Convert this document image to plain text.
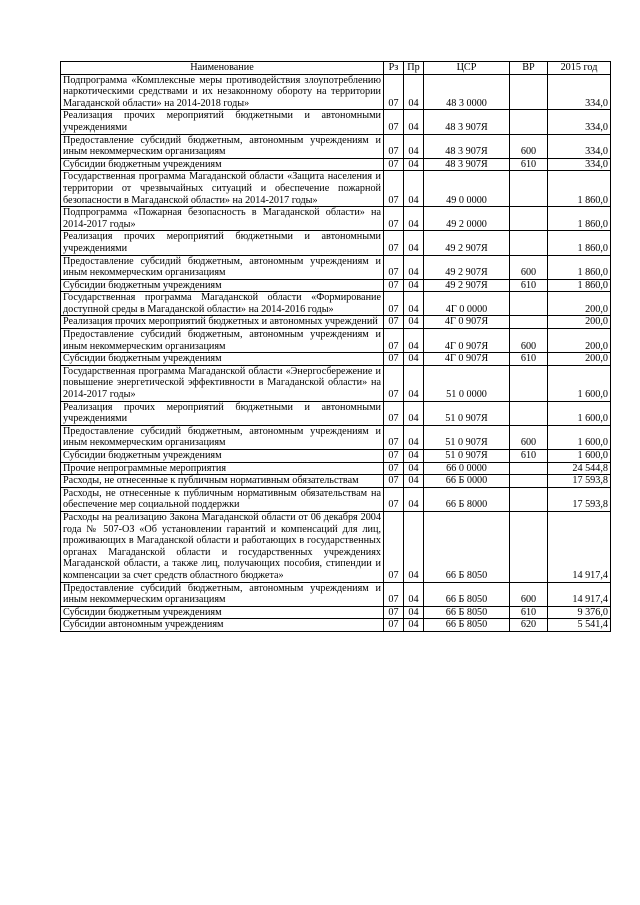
Наименование	Рз	Пр	ЦСР	ВР	2015 год
Подпрограмма «Комплексные меры противодействия злоупотреблению наркотическими средствами и их незаконному обороту на территории Магаданской области» на 2014-2018 годы»	07	04	48 3 0000		334,0
Реализация прочих мероприятий бюджетными и автономными учреждениями	07	04	48 3 907Я		334,0
Предоставление субсидий бюджетным, автономным учреждениям и иным некоммерческим организациям	07	04	48 3 907Я	600	334,0
Субсидии бюджетным учреждениям	07	04	48 3 907Я	610	334,0
Государственная программа Магаданской области «Защита населения и территории от чрезвычайных ситуаций и обеспечение пожарной безопасности в Магаданской области» на 2014-2017 годы»	07	04	49 0 0000		1 860,0
Подпрограмма «Пожарная безопасность в Магаданской области» на 2014-2017 годы»	07	04	49 2 0000		1 860,0
Реализация прочих мероприятий бюджетными и автономными учреждениями	07	04	49 2 907Я		1 860,0
Предоставление субсидий бюджетным, автономным учреждениям и иным некоммерческим организациям	07	04	49 2 907Я	600	1 860,0
Субсидии бюджетным учреждениям	07	04	49 2 907Я	610	1 860,0
Государственная программа Магаданской области «Формирование доступной среды в Магаданской области» на 2014-2016 годы»	07	04	4Г 0 0000		200,0
Реализация прочих мероприятий бюджетных и автономных учреждений	07	04	4Г 0 907Я		200,0
Предоставление субсидий бюджетным, автономным учреждениям и иным некоммерческим организациям	07	04	4Г 0 907Я	600	200,0
Субсидии бюджетным учреждениям	07	04	4Г 0 907Я	610	200,0
Государственная программа Магаданской области «Энергосбережение и повышение энергетической эффективности в Магаданской области» на 2014-2017 годы»	07	04	51 0 0000		1 600,0
Реализация прочих мероприятий бюджетными и автономными учреждениями	07	04	51 0 907Я		1 600,0
Предоставление субсидий бюджетным, автономным учреждениям и иным некоммерческим организациям	07	04	51 0 907Я	600	1 600,0
Субсидии бюджетным учреждениям	07	04	51 0 907Я	610	1 600,0
Прочие непрограммные мероприятия	07	04	66 0 0000		24 544,8
Расходы, не отнесенные к публичным нормативным обязательствам	07	04	66 Б 0000		17 593,8
Расходы, не отнесенные к публичным нормативным обязательствам на обеспечение мер социальной поддержки	07	04	66 Б 8000		17 593,8
Расходы на реализацию Закона Магаданской области от 06 декабря 2004 года № 507-ОЗ «Об установлении гарантий и компенсаций для лиц, проживающих в Магаданской области и работающих в государственных органах Магаданской области и государственных учреждениях Магаданской области, а также лиц, получающих пособия, стипендии и компенсации за счет средств областного бюджета»	07	04	66 Б 8050		14 917,4
Предоставление субсидий бюджетным, автономным учреждениям и иным некоммерческим организациям	07	04	66 Б 8050	600	14 917,4
Субсидии бюджетным учреждениям	07	04	66 Б 8050	610	9 376,0
Субсидии автономным учреждениям	07	04	66 Б 8050	620	5 541,4
